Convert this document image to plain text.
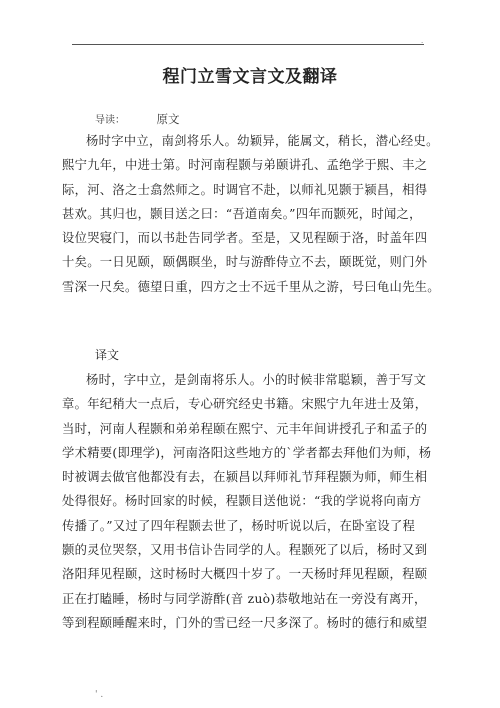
.
程门立雪文言文及翻译
导读：	原文
杨时字中立，南剑将乐人。幼颖异，能属文，稍长，潜心经史。
熙宁九年，中进士第。时河南程颢与弟颐讲孔、孟绝学于熙、丰之
际，河、洛之士翕然师之。时调官不赴，以师礼见颢于颍昌，相得
甚欢。其归也，颢目送之曰：“吾道南矣。”四年而颢死，时闻之，
设位哭寝门，而以书赴告同学者。至是，又见程颐于洛，时盖年四
十矣。一日见颐，颐偶瞑坐，时与游酢侍立不去，颐既觉，则门外
雪深一尺矣。德望日重，四方之士不远千里从之游，号曰龟山先生。
译文
杨时，字中立，是剑南将乐人。小的时候非常聪颖，善于写文
章。年纪稍大一点后，专心研究经史书籍。宋熙宁九年进士及第，
当时，河南人程颢和弟弟程颐在熙宁、元丰年间讲授孔子和孟子的
学术精要(即理学)，河南洛阳这些地方的`学者都去拜他们为师，杨
时被调去做官他都没有去，在颍昌以拜师礼节拜程颢为师，师生相
处得很好。杨时回家的时候，程颢目送他说：“我的学说将向南方
传播了。”又过了四年程颢去世了，杨时听说以后，在卧室设了程
颢的灵位哭祭，又用书信讣告同学的人。程颢死了以后，杨时又到
洛阳拜见程颐，这时杨时大概四十岁了。一天杨时拜见程颐，程颐
正在打瞌睡，杨时与同学游酢(音 zuò)恭敬地站在一旁没有离开，
等到程颐睡醒来时，门外的雪已经一尺多深了。杨时的德行和威望
' .
